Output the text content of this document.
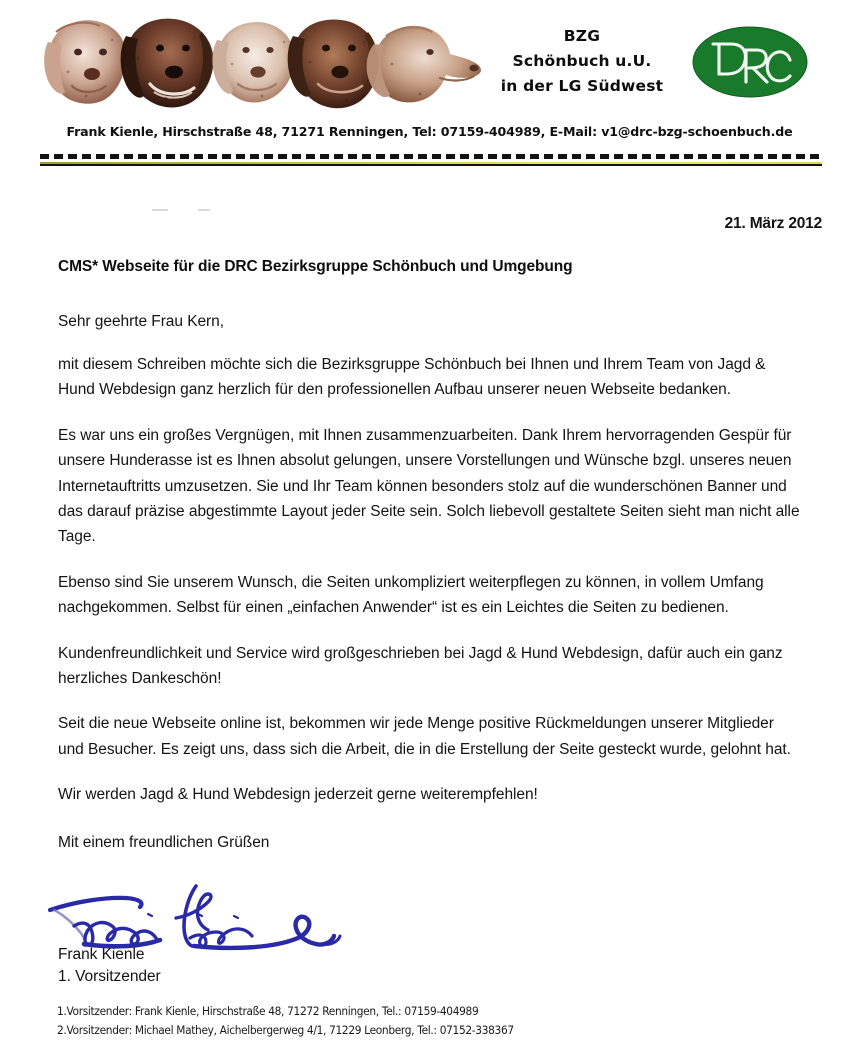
BZG
Schönbuch u.U.
in der LG Südwest
Frank Kienle, Hirschstraße 48, 71271 Renningen, Tel: 07159-404989, E-Mail: v1@drc-bzg-schoenbuch.de
21. März 2012
CMS* Webseite für die DRC Bezirksgruppe Schönbuch und Umgebung
Sehr geehrte Frau Kern,

mit diesem Schreiben möchte sich die Bezirksgruppe Schönbuch bei Ihnen und Ihrem Team von Jagd & Hund Webdesign ganz herzlich für den professionellen Aufbau unserer neuen Webseite bedanken.

Es war uns ein großes Vergnügen, mit Ihnen zusammenzuarbeiten. Dank Ihrem hervorragenden Gespür für unsere Hunderasse ist es Ihnen absolut gelungen, unsere Vorstellungen und Wünsche bzgl. unseres neuen Internetauftritts umzusetzen. Sie und Ihr Team können besonders stolz auf die wunderschönen Banner und das darauf präzise abgestimmte Layout jeder Seite sein. Solch liebevoll gestaltete Seiten sieht man nicht alle Tage.

Ebenso sind Sie unserem Wunsch, die Seiten unkompliziert weiterpflegen zu können, in vollem Umfang nachgekommen. Selbst für einen „einfachen Anwender“ ist es ein Leichtes die Seiten zu bedienen.

Kundenfreundlichkeit und Service wird großgeschrieben bei Jagd & Hund Webdesign, dafür auch ein ganz herzliches Dankeschön!

Seit die neue Webseite online ist, bekommen wir jede Menge positive Rückmeldungen unserer Mitglieder und Besucher. Es zeigt uns, dass sich die Arbeit, die in die Erstellung der Seite gesteckt wurde, gelohnt hat.

Wir werden Jagd & Hund Webdesign jederzeit gerne weiterempfehlen!

Mit einem freundlichen Grüßen
Frank Kienle
1. Vorsitzender
1.Vorsitzender: Frank Kienle, Hirschstraße 48, 71272 Renningen, Tel.: 07159-404989
2.Vorsitzender: Michael Mathey, Aichelbergerweg 4/1, 71229 Leonberg, Tel.: 07152-338367
